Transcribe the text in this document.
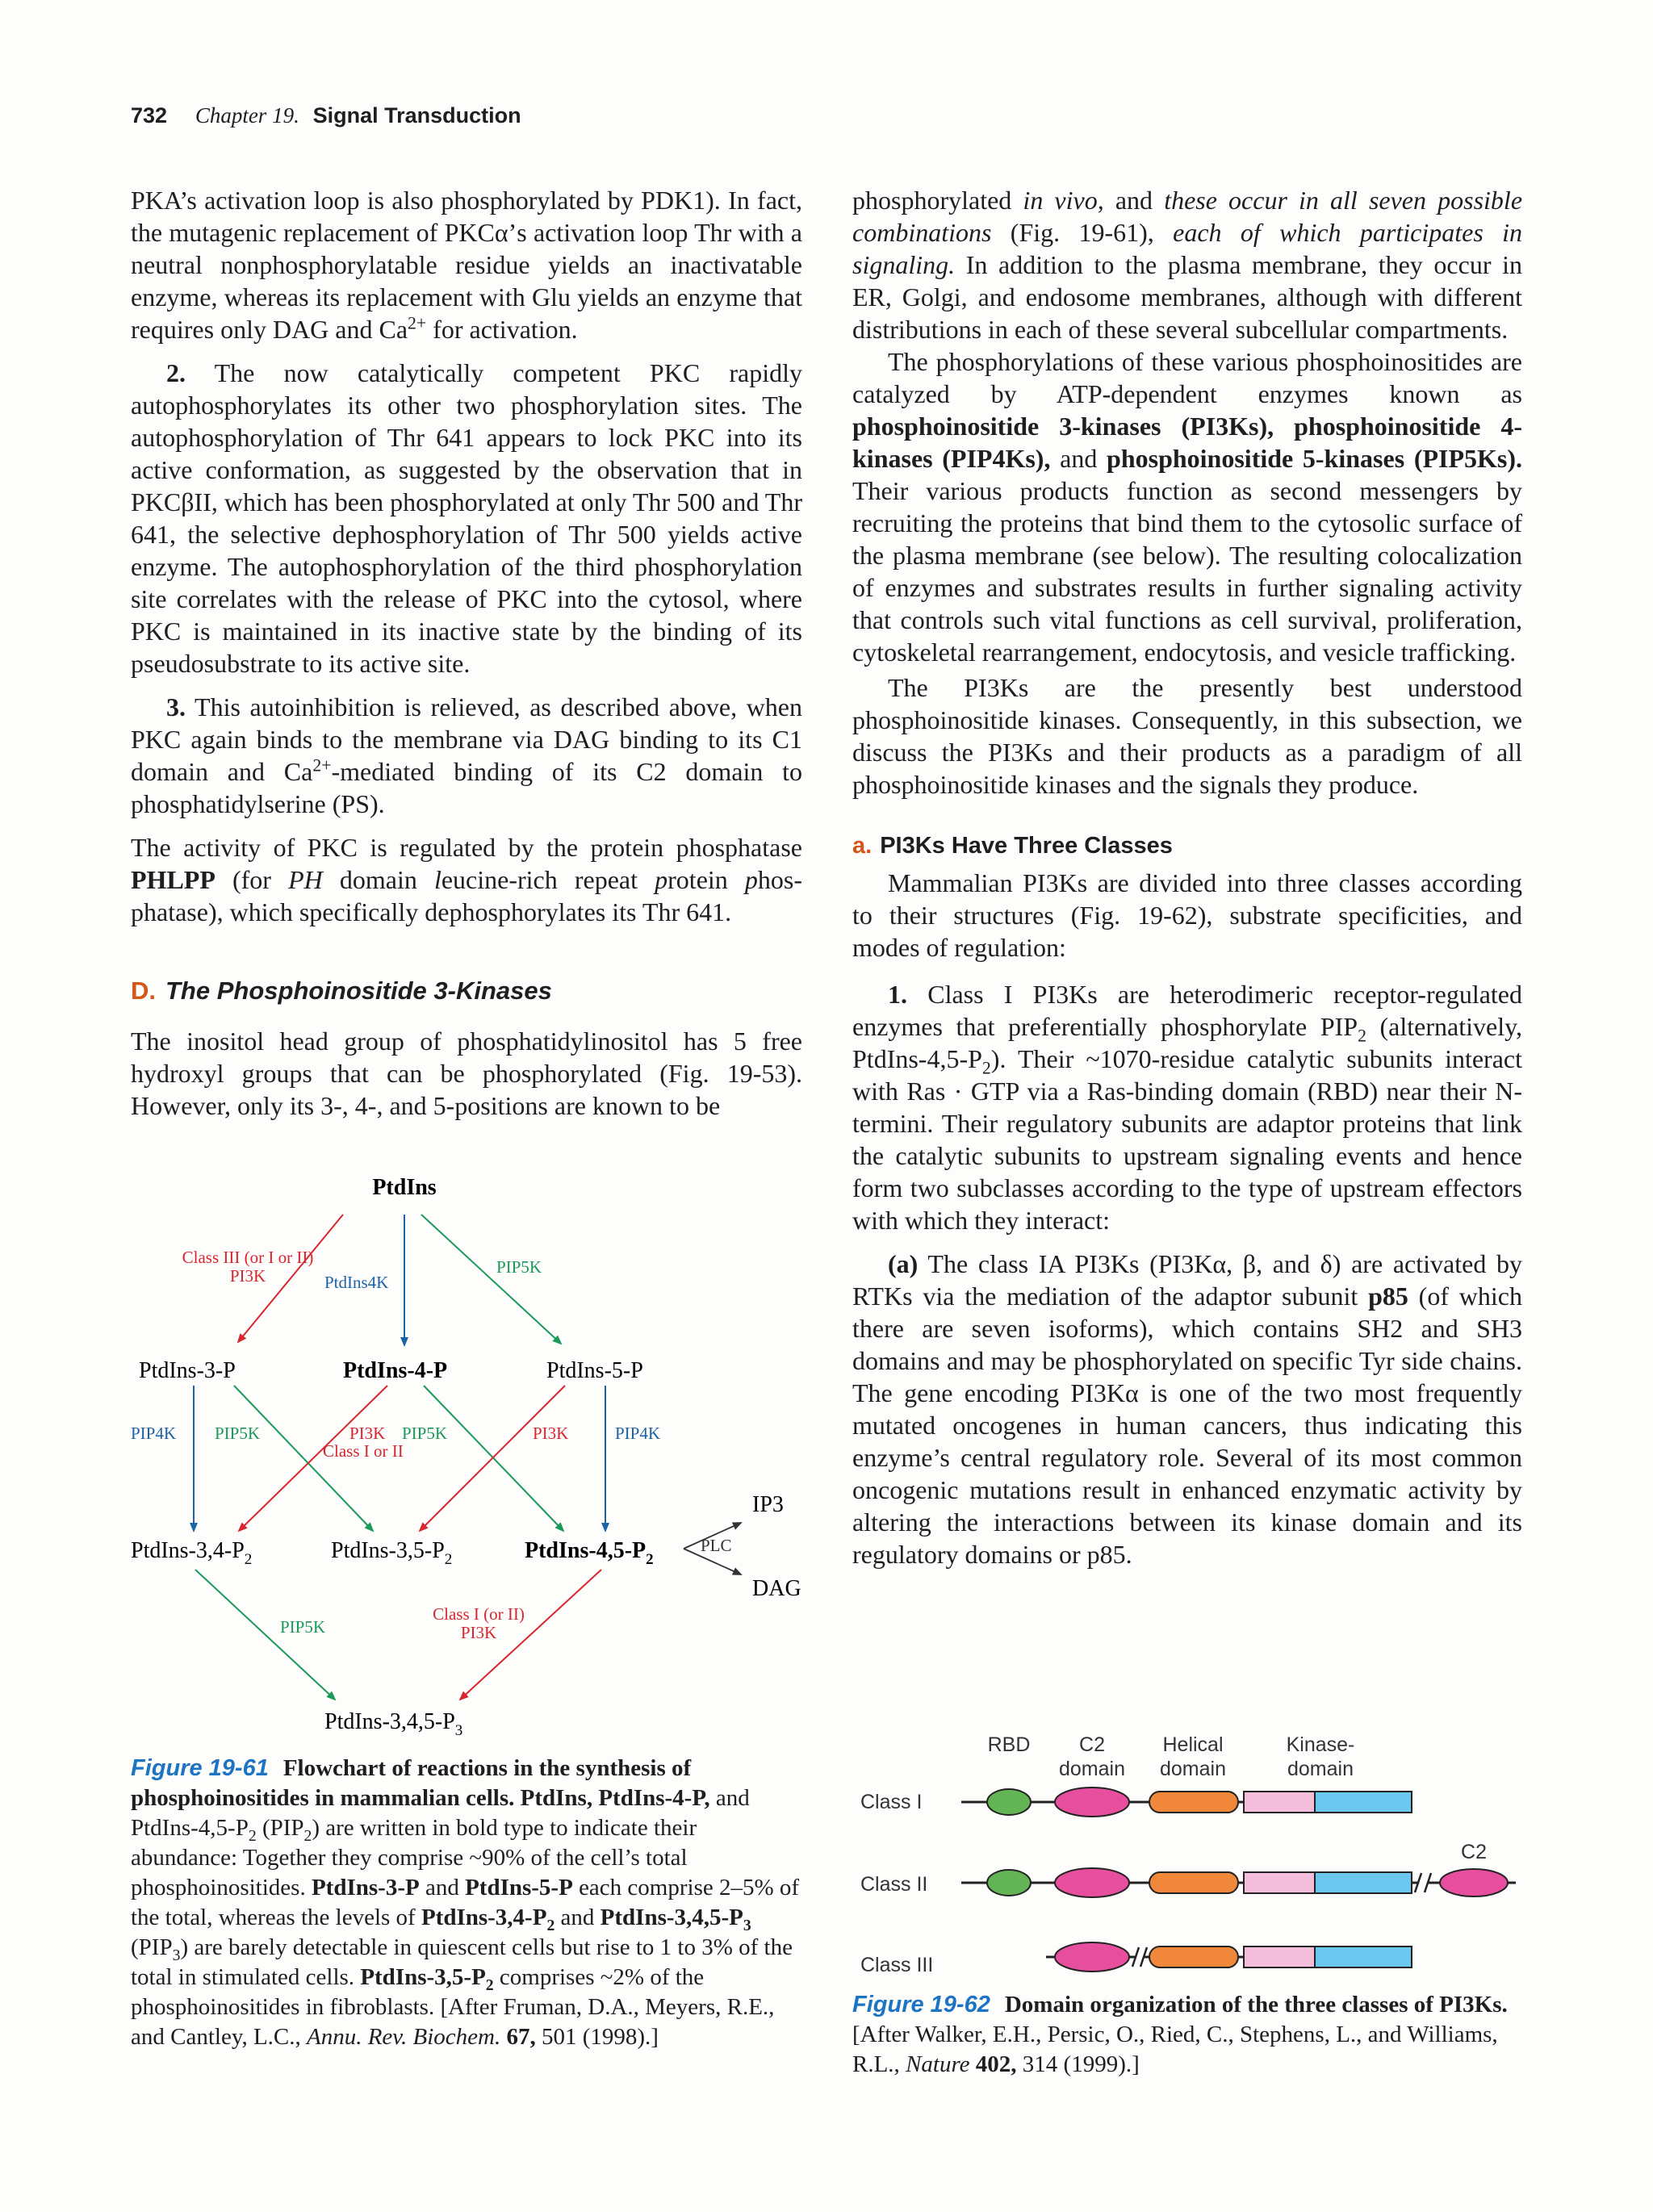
732 Chapter 19. Signal Transduction

PKA’s activation loop is also phosphorylated by PDK1). In fact, the mutagenic replacement of PKCα’s activation loop Thr with a neutral nonphosphorylatable residue yields an inactivatable enzyme, whereas its replacement with Glu yields an enzyme that requires only DAG and $Ca^{2+}$ for activation.

2. The now catalytically competent PKC rapidly autophosphorylates its other two phosphorylation sites. The autophosphorylation of Thr 641 appears to lock PKC into its active conformation, as suggested by the observation that in PKCβII, which has been phosphorylated at only Thr 500 and Thr 641, the selective dephosphorylation of Thr 500 yields active enzyme. The autophosphorylation of the third phosphorylation site correlates with the release of PKC into the cytosol, where PKC is maintained in its inactive state by the binding of its pseudosubstrate to its active site.

3. This autoinhibition is relieved, as described above, when PKC again binds to the membrane via DAG binding to its C1 domain and $Ca^{2+}$-mediated binding of its C2 domain to phosphatidylserine (PS).

The activity of PKC is regulated by the protein phosphatase PHLPP (for PH domain leucine-rich repeat protein phos-phatase), which specifically dephosphorylates its Thr 641.

D. The Phosphoinositide 3-Kinases

The inositol head group of phosphatidylinositol has 5 free hydroxyl groups that can be phosphorylated (Fig. 19-53). However, only its 3-, 4-, and 5-positions are known to be

PtdIns
PtdIns-3-P	PtdIns-4-P	PtdIns-5-P
PtdIns-$3,4-P_2$	PtdIns-$3,5-P_2$	PtdIns-$4,5-P_2$
PtdIns-$3,4,5-P_3$
IP3
DAG
Class III (or I or II)
PI3K	PtdIns4K
PIP5K
PIP4K PIP5K	PI3K PIP5K
Class I or II
PI3K	PIP4K
PLC
PIP5K
Class I (or II)
PI3K
Figure 19-61 Flowchart of reactions in the synthesis of phosphoinositides in mammalian cells. PtdIns, PtdIns-4-P, and PtdIns-$4,5-P_2$ $(PIP_2)$ are written in bold type to indicate their abundance: Together they comprise ~90% of the cell’s total phosphoinositides. PtdIns-3-P and PtdIns-5-P each comprise 2–5% of the total, whereas the levels of PtdIns-$3,4-P_2$ and PtdIns-$3,4,5-P_3$ $(PIP_3)$ are barely detectable in quiescent cells but rise to 1 to 3% of the total in stimulated cells. PtdIns-$3,5-P_2$ comprises ~2% of the phosphoinositides in fibroblasts. [After Fruman, D.A., Meyers, R.E., and Cantley, L.C., Annu. Rev. Biochem. 67, 501 (1998).]

phosphorylated in vivo, and these occur in all seven possible combinations (Fig. 19-61), each of which participates in signaling. In addition to the plasma membrane, they occur in ER, Golgi, and endosome membranes, although with different distributions in each of these several subcellular compartments.

The phosphorylations of these various phosphoinositides are catalyzed by ATP-dependent enzymes known as phosphoinositide 3-kinases (PI3Ks), phosphoinositide 4-kinases (PIP4Ks), and phosphoinositide 5-kinases (PIP5Ks). Their various products function as second messengers by recruiting the proteins that bind them to the cytosolic surface of the plasma membrane (see below). The resulting colocalization of enzymes and substrates results in further signaling activity that controls such vital functions as cell survival, proliferation, cytoskeletal rearrangement, endocytosis, and vesicle trafficking.

The PI3Ks are the presently best understood phosphoinositide kinases. Consequently, in this subsection, we discuss the PI3Ks and their products as a paradigm of all phosphoinositide kinases and the signals they produce.

a. PI3Ks Have Three Classes

Mammalian PI3Ks are divided into three classes according to their structures (Fig. 19-62), substrate specificities, and modes of regulation:

1. Class I PI3Ks are heterodimeric receptor-regulated enzymes that preferentially phosphorylate $PIP_2$ (alternatively, PtdIns-$4,5-P_2$). Their ~1070-residue catalytic subunits interact with Ras · GTP via a Ras-binding domain (RBD) near their N-termini. Their regulatory subunits are adaptor proteins that link the catalytic subunits to upstream signaling events and hence form two subclasses according to the type of upstream effectors with which they interact:

(a) The class IA PI3Ks (PI3Kα, β, and δ) are activated by RTKs via the mediation of the adaptor subunit p85 (of which there are seven isoforms), which contains SH2 and SH3 domains and may be phosphorylated on specific Tyr side chains. The gene encoding PI3Kα is one of the two most frequently mutated oncogenes in human cancers, thus indicating this enzyme’s central regulatory role. Several of its most common oncogenic mutations result in enhanced enzymatic activity by altering the interactions between its kinase domain and its regulatory domains or p85.

RBD C2
domain
Helical
domain
Kinase-
domain
Class I
Class II
C2
Class III
Figure 19-62 Domain organization of the three classes of PI3Ks. [After Walker, E.H., Persic, O., Ried, C., Stephens, L., and Williams, R.L., Nature 402, 314 (1999).]
